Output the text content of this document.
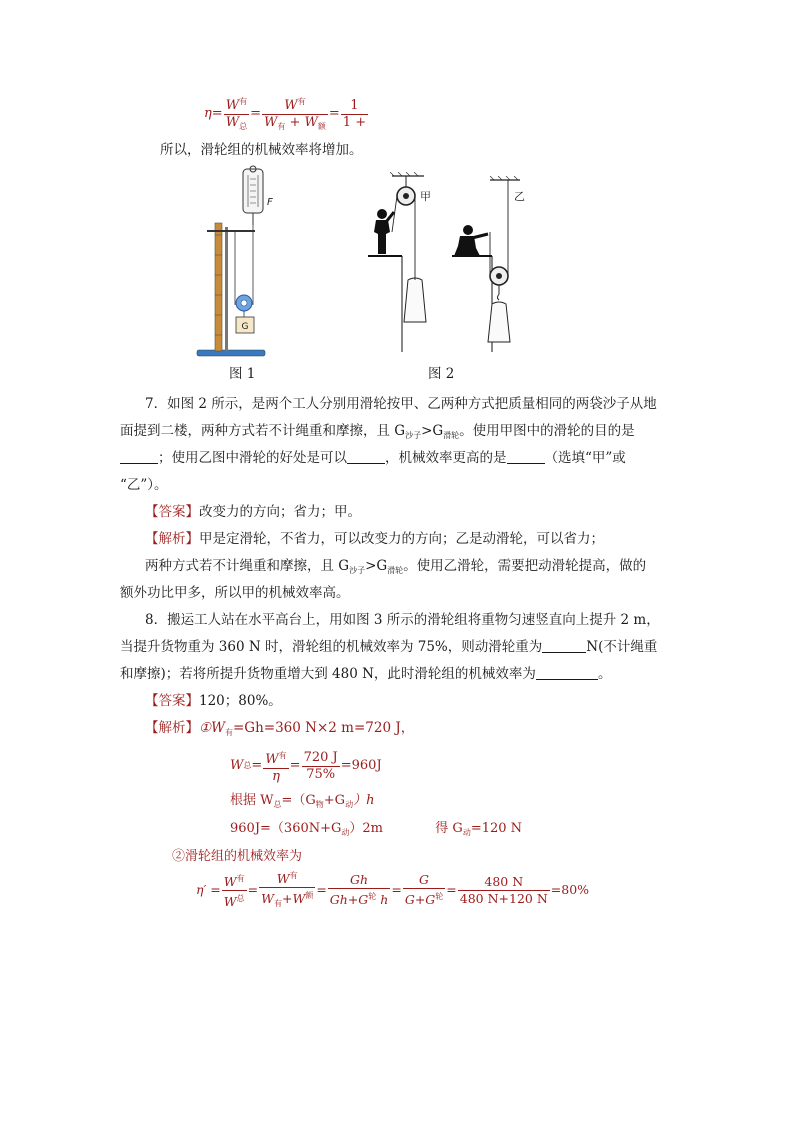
$\eta= \frac{W^有}{W_总} = \frac{W^有}{W_有 + W_额} = \frac{1}{1 +}$
所以，滑轮组的机械效率将增加。
F
G
图 1
甲	乙
图 2
7．如图 2 所示，是两个工人分别用滑轮按甲、乙两种方式把质量相同的两袋沙子从地
面提到二楼，两种方式若不计绳重和摩擦，且 $G_{沙子}>G_{滑轮}$。使用甲图中的滑轮的目的是
；使用乙图中滑轮的好处是可以	，机械效率更高的是	（选填“甲”或
“乙”）。
【答案】改变力的方向；省力；甲。
【解析】甲是定滑轮，不省力，可以改变力的方向；乙是动滑轮，可以省力；
两种方式若不计绳重和摩擦，且 $G_{沙子}>G_{滑轮}$。使用乙滑轮，需要把动滑轮提高，做的
额外功比甲多，所以甲的机械效率高。
8．搬运工人站在水平高台上，用如图 3 所示的滑轮组将重物匀速竖直向上提升 2 m，
当提升货物重为 360 N 时，滑轮组的机械效率为 75%，则动滑轮重为	N(不计绳重
和摩擦)；若将所提升货物重增大到 480 N，此时滑轮组的机械效率为	。
【答案】120；80%。
【解析】$①W_有=Gh=360$ N×2 m=720 J，
W 总 = $\frac{W^有}{\eta} = \frac{720 J}{75\%} =960J$
根据 $W_总=(G_物+G_动)h$
$960J=(360N+G_动)2m$	得 $G_动=120$ N
②滑轮组的机械效率为
$\eta' = \frac{W^有}{W^总} = \frac{W^有}{W_有+W^额} = \frac{Gh}{Gh+G^轮 h} = \frac{G}{G+G^轮} = \frac{480 N}{480 N+120 N} =80\%$
